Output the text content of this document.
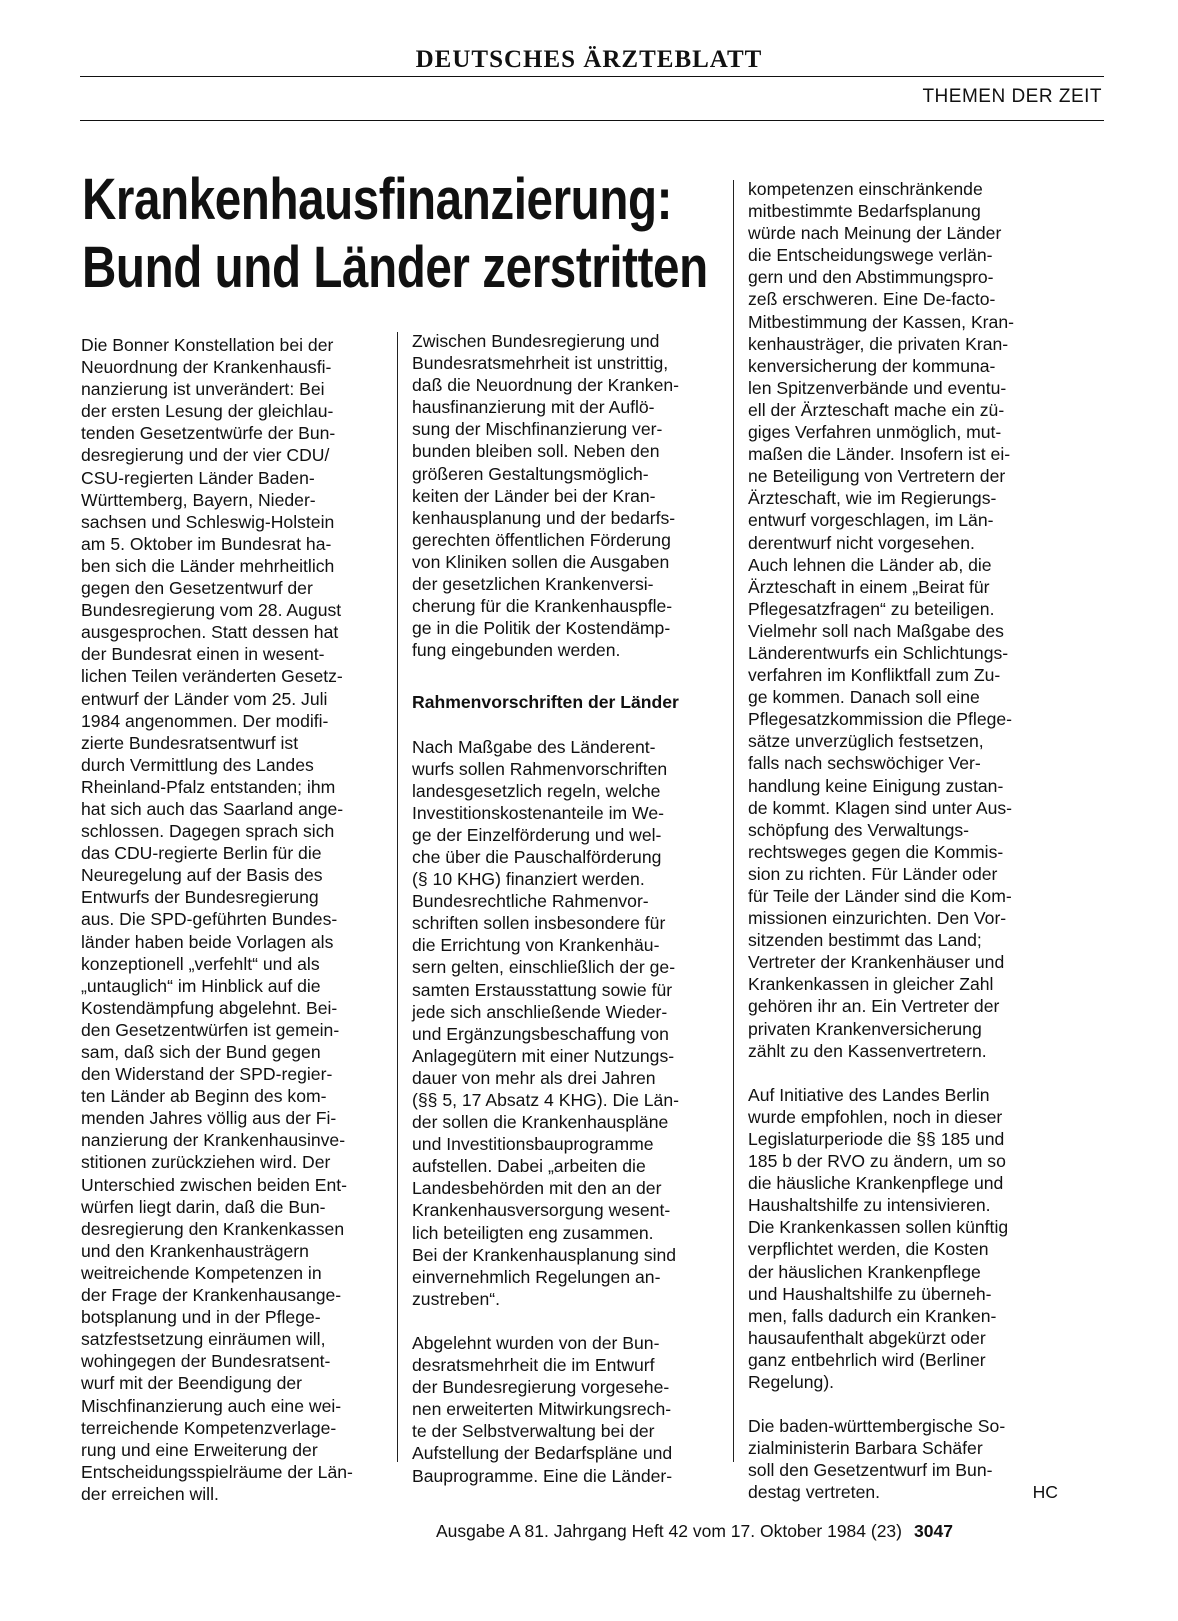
DEUTSCHES ÄRZTEBLATT
THEMEN DER ZEIT
Krankenhausfinanzierung:
Bund und Länder zerstritten
Die Bonner Konstellation bei der
Neuordnung der Krankenhausfi-
nanzierung ist unverändert: Bei
der ersten Lesung der gleichlau-
tenden Gesetzentwürfe der Bun-
desregierung und der vier CDU/
CSU-regierten Länder Baden-
Württemberg, Bayern, Nieder-
sachsen und Schleswig-Holstein
am 5. Oktober im Bundesrat ha-
ben sich die Länder mehrheitlich
gegen den Gesetzentwurf der
Bundesregierung vom 28. August
ausgesprochen. Statt dessen hat
der Bundesrat einen in wesent-
lichen Teilen veränderten Gesetz-
entwurf der Länder vom 25. Juli
1984 angenommen. Der modifi-
zierte Bundesratsentwurf ist
durch Vermittlung des Landes
Rheinland-Pfalz entstanden; ihm
hat sich auch das Saarland ange-
schlossen. Dagegen sprach sich
das CDU-regierte Berlin für die
Neuregelung auf der Basis des
Entwurfs der Bundesregierung
aus. Die SPD-geführten Bundes-
länder haben beide Vorlagen als
konzeptionell „verfehlt“ und als
„untauglich“ im Hinblick auf die
Kostendämpfung abgelehnt. Bei-
den Gesetzentwürfen ist gemein-
sam, daß sich der Bund gegen
den Widerstand der SPD-regier-
ten Länder ab Beginn des kom-
menden Jahres völlig aus der Fi-
nanzierung der Krankenhausinve-
stitionen zurückziehen wird. Der
Unterschied zwischen beiden Ent-
würfen liegt darin, daß die Bun-
desregierung den Krankenkassen
und den Krankenhausträgern
weitreichende Kompetenzen in
der Frage der Krankenhausange-
botsplanung und in der Pflege-
satzfestsetzung einräumen will,
wohingegen der Bundesratsent-
wurf mit der Beendigung der
Mischfinanzierung auch eine wei-
terreichende Kompetenzverlage-
rung und eine Erweiterung der
Entscheidungsspielräume der Län-
der erreichen will.
Zwischen Bundesregierung und
Bundesratsmehrheit ist unstrittig,
daß die Neuordnung der Kranken-
hausfinanzierung mit der Auflö-
sung der Mischfinanzierung ver-
bunden bleiben soll. Neben den
größeren Gestaltungsmöglich-
keiten der Länder bei der Kran-
kenhausplanung und der bedarfs-
gerechten öffentlichen Förderung
von Kliniken sollen die Ausgaben
der gesetzlichen Krankenversi-
cherung für die Krankenhauspfle-
ge in die Politik der Kostendämp-
fung eingebunden werden.
Rahmenvorschriften der Länder
Nach Maßgabe des Länderent-
wurfs sollen Rahmenvorschriften
landesgesetzlich regeln, welche
Investitionskostenanteile im We-
ge der Einzelförderung und wel-
che über die Pauschalförderung
(§ 10 KHG) finanziert werden.
Bundesrechtliche Rahmenvor-
schriften sollen insbesondere für
die Errichtung von Krankenhäu-
sern gelten, einschließlich der ge-
samten Erstausstattung sowie für
jede sich anschließende Wieder-
und Ergänzungsbeschaffung von
Anlagegütern mit einer Nutzungs-
dauer von mehr als drei Jahren
(§§ 5, 17 Absatz 4 KHG). Die Län-
der sollen die Krankenhauspläne
und Investitionsbauprogramme
aufstellen. Dabei „arbeiten die
Landesbehörden mit den an der
Krankenhausversorgung wesent-
lich beteiligten eng zusammen.
Bei der Krankenhausplanung sind
einvernehmlich Regelungen an-
zustreben“.
Abgelehnt wurden von der Bun-
desratsmehrheit die im Entwurf
der Bundesregierung vorgesehe-
nen erweiterten Mitwirkungsrech-
te der Selbstverwaltung bei der
Aufstellung der Bedarfspläne und
Bauprogramme. Eine die Länder-
kompetenzen einschränkende
mitbestimmte Bedarfsplanung
würde nach Meinung der Länder
die Entscheidungswege verlän-
gern und den Abstimmungspro-
zeß erschweren. Eine De-facto-
Mitbestimmung der Kassen, Kran-
kenhausträger, die privaten Kran-
kenversicherung der kommuna-
len Spitzenverbände und eventu-
ell der Ärzteschaft mache ein zü-
giges Verfahren unmöglich, mut-
maßen die Länder. Insofern ist ei-
ne Beteiligung von Vertretern der
Ärzteschaft, wie im Regierungs-
entwurf vorgeschlagen, im Län-
derentwurf nicht vorgesehen.
Auch lehnen die Länder ab, die
Ärzteschaft in einem „Beirat für
Pflegesatzfragen“ zu beteiligen.
Vielmehr soll nach Maßgabe des
Länderentwurfs ein Schlichtungs-
verfahren im Konfliktfall zum Zu-
ge kommen. Danach soll eine
Pflegesatzkommission die Pflege-
sätze unverzüglich festsetzen,
falls nach sechswöchiger Ver-
handlung keine Einigung zustan-
de kommt. Klagen sind unter Aus-
schöpfung des Verwaltungs-
rechtsweges gegen die Kommis-
sion zu richten. Für Länder oder
für Teile der Länder sind die Kom-
missionen einzurichten. Den Vor-
sitzenden bestimmt das Land;
Vertreter der Krankenhäuser und
Krankenkassen in gleicher Zahl
gehören ihr an. Ein Vertreter der
privaten Krankenversicherung
zählt zu den Kassenvertretern.
Auf Initiative des Landes Berlin
wurde empfohlen, noch in dieser
Legislaturperiode die §§ 185 und
185 b der RVO zu ändern, um so
die häusliche Krankenpflege und
Haushaltshilfe zu intensivieren.
Die Krankenkassen sollen künftig
verpflichtet werden, die Kosten
der häuslichen Krankenpflege
und Haushaltshilfe zu überneh-
men, falls dadurch ein Kranken-
hausaufenthalt abgekürzt oder
ganz entbehrlich wird (Berliner
Regelung).
Die baden-württembergische So-
zialministerin Barbara Schäfer
soll den Gesetzentwurf im Bun-
destag vertreten.	HC
Ausgabe A 81. Jahrgang Heft 42 vom 17. Oktober 1984 (23) 3047
